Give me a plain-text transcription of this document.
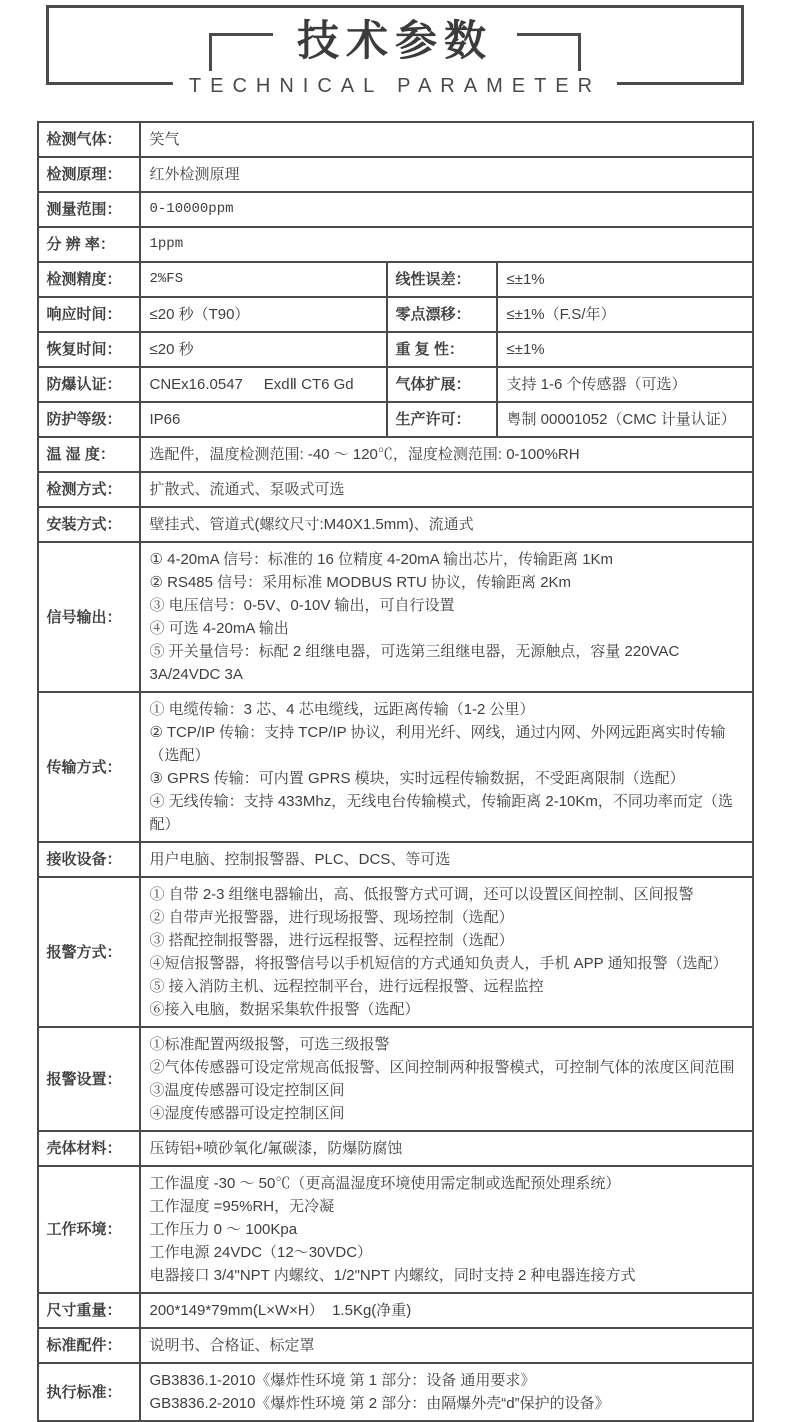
技术参数
TECHNICAL PARAMETER
检测气体：	笑气
检测原理：	红外检测原理
测量范围：	0-10000ppm
分 辨 率：	1ppm
检测精度：	2%FS	线性误差：	≤±1%
响应时间：	≤20 秒（T90）	零点漂移：	≤±1%（F.S/年）
恢复时间：	≤20 秒	重 复 性：	≤±1%
防爆认证：	CNEx16.0547     ExdⅡ CT6 Gd	气体扩展：	支持 1-6 个传感器（可选）
防护等级：	IP66	生产许可：	粤制 00001052（CMC 计量认证）
温 湿 度：	选配件，温度检测范围: -40 ～ 120℃，湿度检测范围: 0-100%RH
检测方式：	扩散式、流通式、泵吸式可选
安装方式：	壁挂式、管道式(螺纹尺寸:M40X1.5mm)、流通式
信号输出：
① 4-20mA 信号：标准的 16 位精度 4-20mA 输出芯片，传输距离 1Km
② RS485 信号：采用标准 MODBUS RTU 协议，传输距离 2Km
③ 电压信号：0-5V、0-10V 输出，可自行设置
④ 可选 4-20mA 输出
⑤ 开关量信号：标配 2 组继电器，可选第三组继电器，无源触点，容量 220VAC 3A/24VDC 3A
传输方式：
① 电缆传输：3 芯、4 芯电缆线，远距离传输（1-2 公里）
② TCP/IP 传输：支持 TCP/IP 协议，利用光纤、网线，通过内网、外网远距离实时传输（选配）
③ GPRS 传输：可内置 GPRS 模块，实时远程传输数据，不受距离限制（选配）
④ 无线传输：支持 433Mhz，无线电台传输模式，传输距离 2-10Km，不同功率而定（选配）
接收设备：	用户电脑、控制报警器、PLC、DCS、等可选
报警方式：
① 自带 2-3 组继电器输出，高、低报警方式可调，还可以设置区间控制、区间报警
② 自带声光报警器，进行现场报警、现场控制（选配）
③ 搭配控制报警器，进行远程报警、远程控制（选配）
④短信报警器，将报警信号以手机短信的方式通知负责人，手机 APP 通知报警（选配）
⑤ 接入消防主机、远程控制平台，进行远程报警、远程监控
⑥接入电脑，数据采集软件报警（选配）
报警设置：
①标准配置两级报警，可选三级报警
②气体传感器可设定常规高低报警、区间控制两种报警模式，可控制气体的浓度区间范围
③温度传感器可设定控制区间
④湿度传感器可设定控制区间
壳体材料：	压铸铝+喷砂氧化/氟碳漆，防爆防腐蚀
工作环境：
工作温度 -30 ～ 50℃（更高温湿度环境使用需定制或选配预处理系统）
工作湿度 =95%RH，无冷凝
工作压力 0 ～ 100Kpa
工作电源 24VDC（12～30VDC）
电器接口 3/4"NPT 内螺纹、1/2"NPT 内螺纹，同时支持 2 种电器连接方式
尺寸重量：	200*149*79mm(L×W×H）  1.5Kg(净重)
标准配件：	说明书、合格证、标定罩
执行标准：
GB3836.1-2010《爆炸性环境 第 1 部分：设备 通用要求》
GB3836.2-2010《爆炸性环境 第 2 部分：由隔爆外壳“d”保护的设备》
